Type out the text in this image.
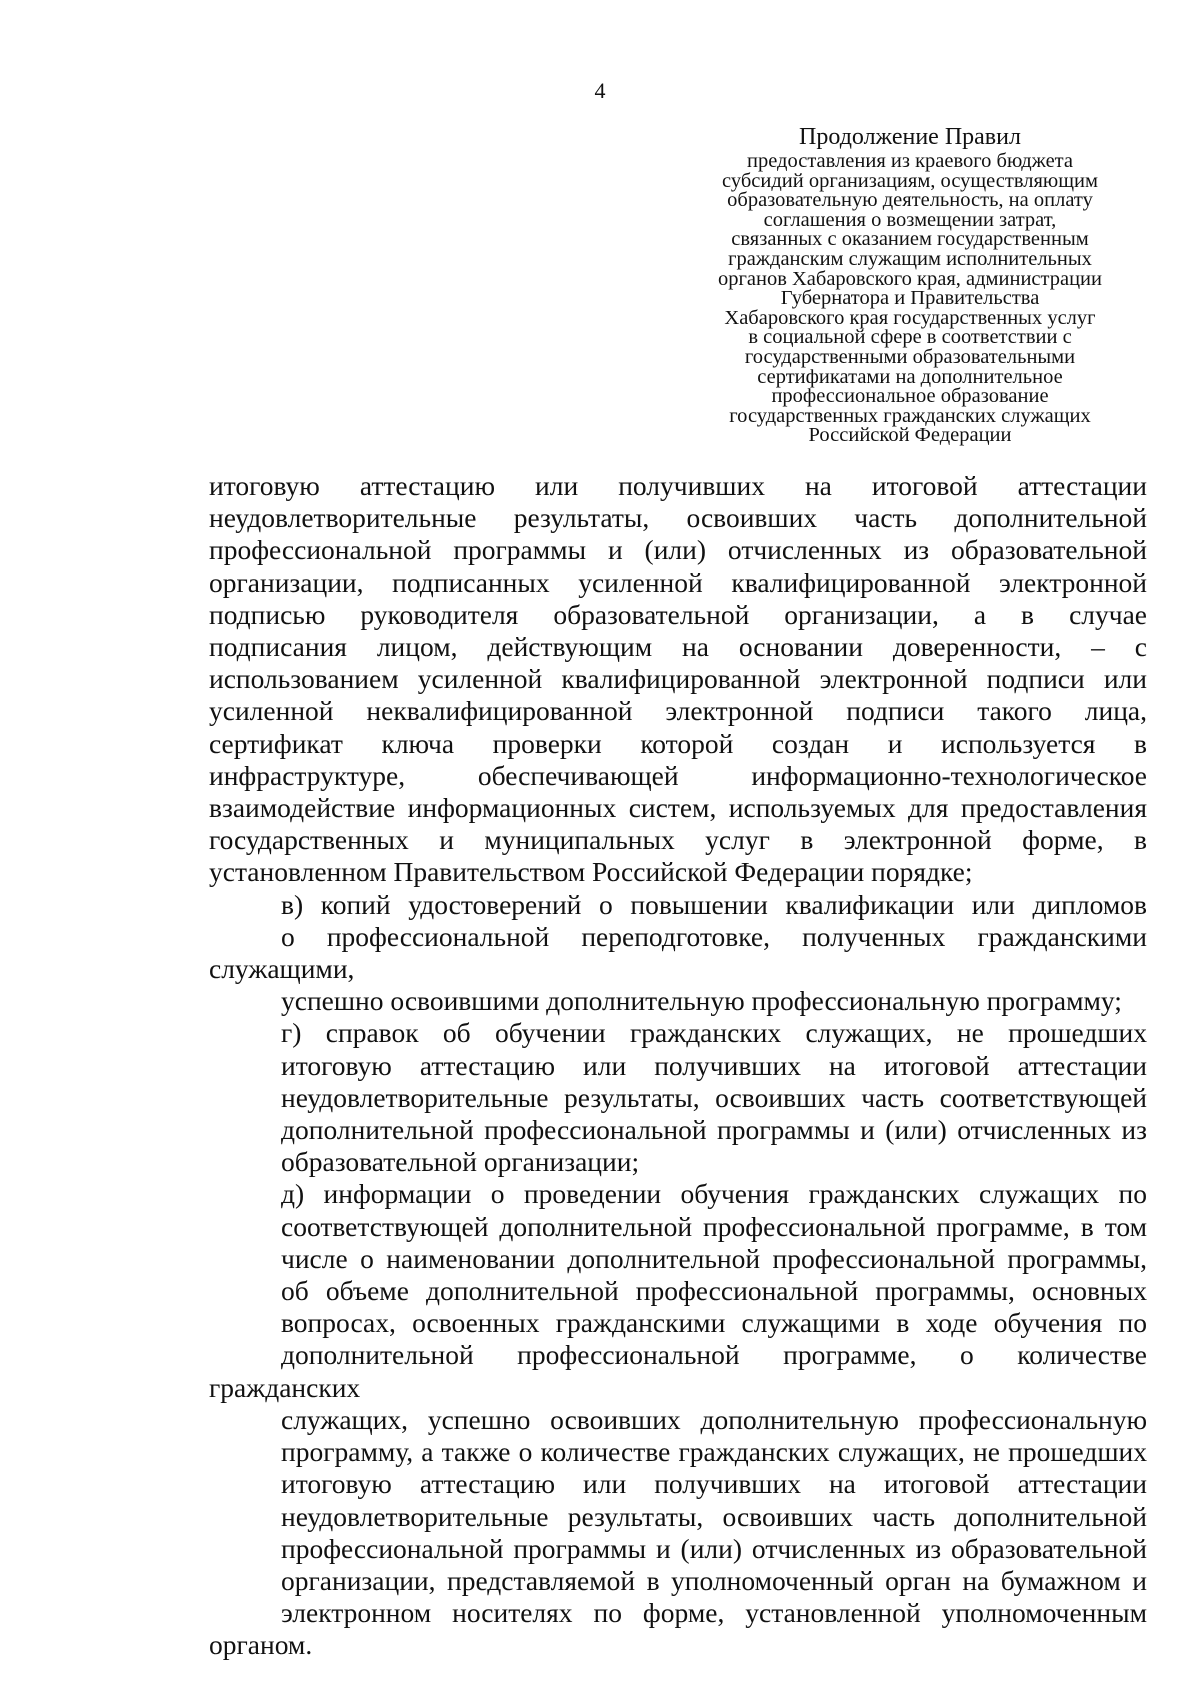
4
Продолжение Правил
предоставления из краевого бюджета
субсидий организациям, осуществляющим
образовательную деятельность, на оплату
соглашения о возмещении затрат,
связанных с оказанием государственным
гражданским служащим исполнительных
органов Хабаровского края, администрации
Губернатора и Правительства
Хабаровского края государственных услуг
в социальной сфере в соответствии с
государственными образовательными
сертификатами на дополнительное
профессиональное образование
государственных гражданских служащих
Российской Федерации
итоговую аттестацию или получивших на итоговой аттестации
неудовлетворительные результаты, освоивших часть дополнительной
профессиональной программы и (или) отчисленных из образовательной
организации, подписанных усиленной квалифицированной электронной
подписью руководителя образовательной организации, а в случае
подписания лицом, действующим на основании доверенности, – с
использованием усиленной квалифицированной электронной подписи или
усиленной неквалифицированной электронной подписи такого лица,
сертификат ключа проверки которой создан и используется в
инфраструктуре, обеспечивающей информационно-технологическое
взаимодействие информационных систем, используемых для предоставления
государственных и муниципальных услуг в электронной форме, в
установленном Правительством Российской Федерации порядке;
в) копий удостоверений о повышении квалификации или дипломов
о профессиональной переподготовке, полученных гражданскими служащими,
успешно освоившими дополнительную профессиональную программу;
г) справок об обучении гражданских служащих, не прошедших
итоговую аттестацию или получивших на итоговой аттестации
неудовлетворительные результаты, освоивших часть соответствующей
дополнительной профессиональной программы и (или) отчисленных из
образовательной организации;
д) информации о проведении обучения гражданских служащих по
соответствующей дополнительной профессиональной программе, в том
числе о наименовании дополнительной профессиональной программы,
об объеме дополнительной профессиональной программы, основных
вопросах, освоенных гражданскими служащими в ходе обучения по
дополнительной профессиональной программе, о количестве гражданских
служащих, успешно освоивших дополнительную профессиональную
программу, а также о количестве гражданских служащих, не прошедших
итоговую аттестацию или получивших на итоговой аттестации
неудовлетворительные результаты, освоивших часть дополнительной
профессиональной программы и (или) отчисленных из образовательной
организации, представляемой в уполномоченный орган на бумажном и
электронном носителях по форме, установленной уполномоченным органом.
